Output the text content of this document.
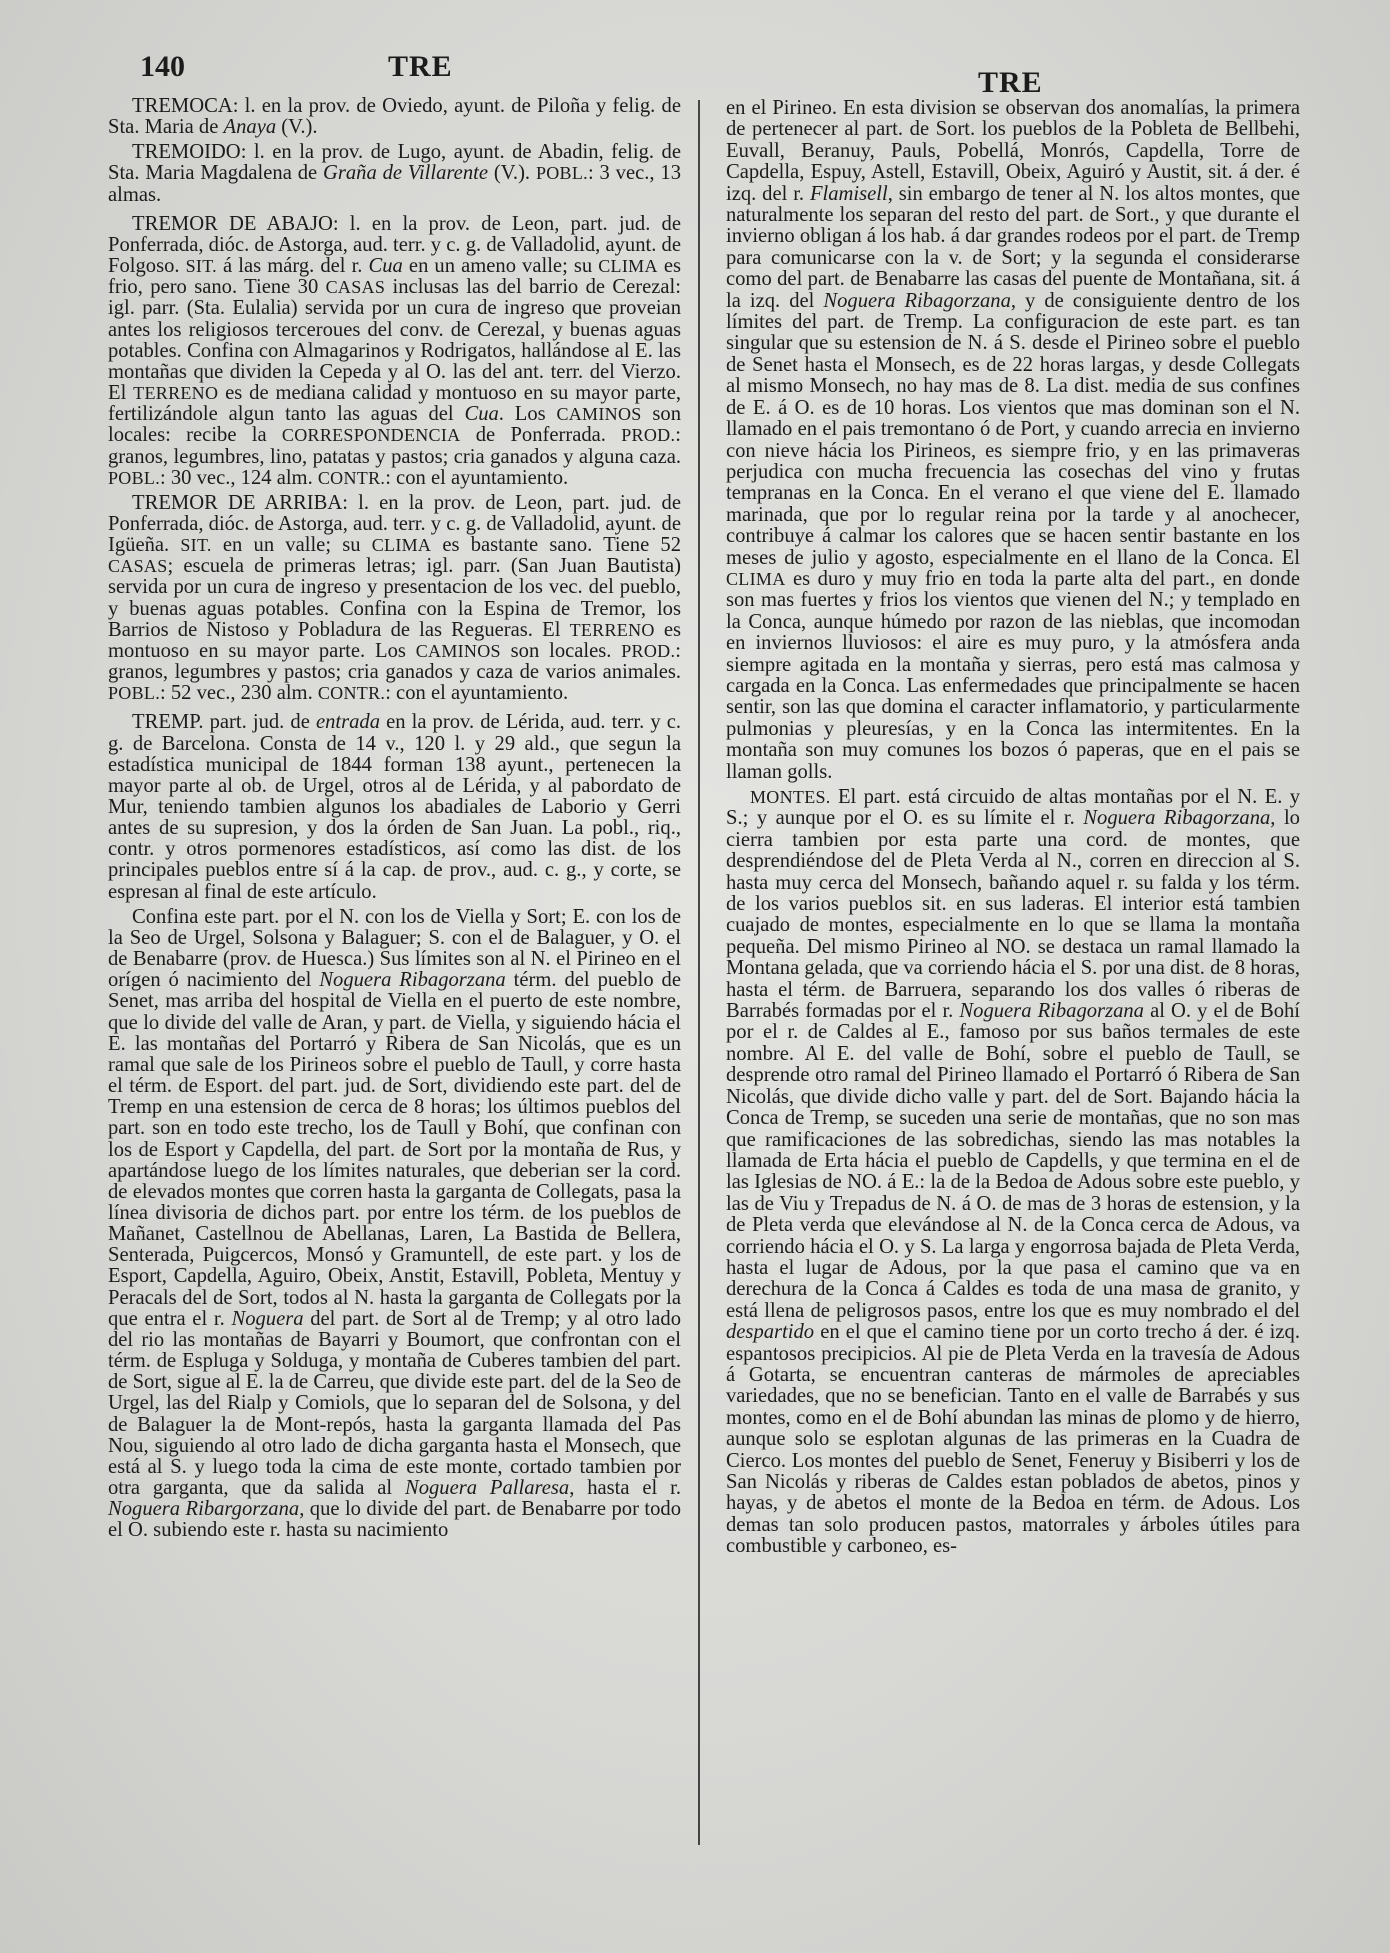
140	TRE	TRE

TREMOCA: l. en la prov. de Oviedo, ayunt. de Piloña y felig. de Sta. Maria de Anaya (V.).

TREMOIDO: l. en la prov. de Lugo, ayunt. de Abadin, felig. de Sta. Maria Magdalena de Graña de Villarente (V.). POBL.: 3 vec., 13 almas.

TREMOR DE ABAJO: l. en la prov. de Leon, part. jud. de Ponferrada, dióc. de Astorga, aud. terr. y c. g. de Valladolid, ayunt. de Folgoso. SIT. á las márg. del r. Cua en un ameno valle; su CLIMA es frio, pero sano. Tiene 30 CASAS inclusas las del barrio de Cerezal: igl. parr. (Sta. Eulalia) servida por un cura de ingreso que proveian antes los religiosos terceroues del conv. de Cerezal, y buenas aguas potables. Confina con Almagarinos y Rodrigatos, hallándose al E. las montañas que dividen la Cepeda y al O. las del ant. terr. del Vierzo. El TERRENO es de mediana calidad y montuoso en su mayor parte, fertilizándole algun tanto las aguas del Cua. Los CAMINOS son locales: recibe la CORRESPONDENCIA de Ponferrada. PROD.: granos, legumbres, lino, patatas y pastos; cria ganados y alguna caza. POBL.: 30 vec., 124 alm. CONTR.: con el ayuntamiento.

TREMOR DE ARRIBA: l. en la prov. de Leon, part. jud. de Ponferrada, dióc. de Astorga, aud. terr. y c. g. de Valladolid, ayunt. de Igüeña. SIT. en un valle; su CLIMA es bastante sano. Tiene 52 CASAS; escuela de primeras letras; igl. parr. (San Juan Bautista) servida por un cura de ingreso y presentacion de los vec. del pueblo, y buenas aguas potables. Confina con la Espina de Tremor, los Barrios de Nistoso y Pobladura de las Regueras. El TERRENO es montuoso en su mayor parte. Los CAMINOS son locales. PROD.: granos, legumbres y pastos; cria ganados y caza de varios animales. POBL.: 52 vec., 230 alm. CONTR.: con el ayuntamiento.

TREMP. part. jud. de entrada en la prov. de Lérida, aud. terr. y c. g. de Barcelona. Consta de 14 v., 120 l. y 29 ald., que segun la estadística municipal de 1844 forman 138 ayunt., pertenecen la mayor parte al ob. de Urgel, otros al de Lérida, y al pabordato de Mur, teniendo tambien algunos los abadiales de Laborio y Gerri antes de su supresion, y dos la órden de San Juan. La pobl., riq., contr. y otros pormenores estadísticos, así como las dist. de los principales pueblos entre sí á la cap. de prov., aud. c. g., y corte, se espresan al final de este artículo.

Confina este part. por el N. con los de Viella y Sort; E. con los de la Seo de Urgel, Solsona y Balaguer; S. con el de Balaguer, y O. el de Benabarre (prov. de Huesca.) Sus límites son al N. el Pirineo en el orígen ó nacimiento del Noguera Ribagorzana térm. del pueblo de Senet, mas arriba del hospital de Viella en el puerto de este nombre, que lo divide del valle de Aran, y part. de Viella, y siguiendo hácia el E. las montañas del Portarró y Ribera de San Nicolás, que es un ramal que sale de los Pirineos sobre el pueblo de Taull, y corre hasta el térm. de Esport. del part. jud. de Sort, dividiendo este part. del de Tremp en una estension de cerca de 8 horas; los últimos pueblos del part. son en todo este trecho, los de Taull y Bohí, que confinan con los de Esport y Capdella, del part. de Sort por la montaña de Rus, y apartándose luego de los límites naturales, que deberian ser la cord. de elevados montes que corren hasta la garganta de Collegats, pasa la línea divisoria de dichos part. por entre los térm. de los pueblos de Mañanet, Castellnou de Abellanas, Laren, La Bastida de Bellera, Senterada, Puigcercos, Monsó y Gramuntell, de este part. y los de Esport, Capdella, Aguiro, Obeix, Anstit, Estavill, Pobleta, Mentuy y Peracals del de Sort, todos al N. hasta la garganta de Collegats por la que entra el r. Noguera del part. de Sort al de Tremp; y al otro lado del rio las montañas de Bayarri y Boumort, que confrontan con el térm. de Espluga y Solduga, y montaña de Cuberes tambien del part. de Sort, sigue al E. la de Carreu, que divide este part. del de la Seo de Urgel, las del Rialp y Comiols, que lo separan del de Solsona, y del de Balaguer la de Mont-repós, hasta la garganta llamada del Pas Nou, siguiendo al otro lado de dicha garganta hasta el Monsech, que está al S. y luego toda la cima de este monte, cortado tambien por otra garganta, que da salida al Noguera Pallaresa, hasta el r. Noguera Ribargorzana, que lo divide del part. de Benabarre por todo el O. subiendo este r. hasta su nacimiento

en el Pirineo. En esta division se observan dos anomalías, la primera de pertenecer al part. de Sort. los pueblos de la Pobleta de Bellbehi, Euvall, Beranuy, Pauls, Pobellá, Monrós, Capdella, Torre de Capdella, Espuy, Astell, Estavill, Obeix, Aguiró y Austit, sit. á der. é izq. del r. Flamisell, sin embargo de tener al N. los altos montes, que naturalmente los separan del resto del part. de Sort., y que durante el invierno obligan á los hab. á dar grandes rodeos por el part. de Tremp para comunicarse con la v. de Sort; y la segunda el considerarse como del part. de Benabarre las casas del puente de Montañana, sit. á la izq. del Noguera Ribagorzana, y de consiguiente dentro de los límites del part. de Tremp. La configuracion de este part. es tan singular que su estension de N. á S. desde el Pirineo sobre el pueblo de Senet hasta el Monsech, es de 22 horas largas, y desde Collegats al mismo Monsech, no hay mas de 8. La dist. media de sus confines de E. á O. es de 10 horas. Los vientos que mas dominan son el N. llamado en el pais tremontano ó de Port, y cuando arrecia en invierno con nieve hácia los Pirineos, es siempre frio, y en las primaveras perjudica con mucha frecuencia las cosechas del vino y frutas tempranas en la Conca. En el verano el que viene del E. llamado marinada, que por lo regular reina por la tarde y al anochecer, contribuye á calmar los calores que se hacen sentir bastante en los meses de julio y agosto, especialmente en el llano de la Conca. El CLIMA es duro y muy frio en toda la parte alta del part., en donde son mas fuertes y frios los vientos que vienen del N.; y templado en la Conca, aunque húmedo por razon de las nieblas, que incomodan en inviernos lluviosos: el aire es muy puro, y la atmósfera anda siempre agitada en la montaña y sierras, pero está mas calmosa y cargada en la Conca. Las enfermedades que principalmente se hacen sentir, son las que domina el caracter inflamatorio, y particularmente pulmonias y pleuresías, y en la Conca las intermitentes. En la montaña son muy comunes los bozos ó paperas, que en el pais se llaman golls.

MONTES. El part. está circuido de altas montañas por el N. E. y S.; y aunque por el O. es su límite el r. Noguera Ribagorzana, lo cierra tambien por esta parte una cord. de montes, que desprendiéndose del de Pleta Verda al N., corren en direccion al S. hasta muy cerca del Monsech, bañando aquel r. su falda y los térm. de los varios pueblos sit. en sus laderas. El interior está tambien cuajado de montes, especialmente en lo que se llama la montaña pequeña. Del mismo Pirineo al NO. se destaca un ramal llamado la Montana gelada, que va corriendo hácia el S. por una dist. de 8 horas, hasta el térm. de Barruera, separando los dos valles ó riberas de Barrabés formadas por el r. Noguera Ribagorzana al O. y el de Bohí por el r. de Caldes al E., famoso por sus baños termales de este nombre. Al E. del valle de Bohí, sobre el pueblo de Taull, se desprende otro ramal del Pirineo llamado el Portarró ó Ribera de San Nicolás, que divide dicho valle y part. del de Sort. Bajando hácia la Conca de Tremp, se suceden una serie de montañas, que no son mas que ramificaciones de las sobredichas, siendo las mas notables la llamada de Erta hácia el pueblo de Capdells, y que termina en el de las Iglesias de NO. á E.: la de la Bedoa de Adous sobre este pueblo, y las de Viu y Trepadus de N. á O. de mas de 3 horas de estension, y la de Pleta verda que elevándose al N. de la Conca cerca de Adous, va corriendo hácia el O. y S. La larga y engorrosa bajada de Pleta Verda, hasta el lugar de Adous, por la que pasa el camino que va en derechura de la Conca á Caldes es toda de una masa de granito, y está llena de peligrosos pasos, entre los que es muy nombrado el del despartido en el que el camino tiene por un corto trecho á der. é izq. espantosos precipicios. Al pie de Pleta Verda en la travesía de Adous á Gotarta, se encuentran canteras de mármoles de apreciables variedades, que no se benefician. Tanto en el valle de Barrabés y sus montes, como en el de Bohí abundan las minas de plomo y de hierro, aunque solo se esplotan algunas de las primeras en la Cuadra de Cierco. Los montes del pueblo de Senet, Feneruy y Bisiberri y los de San Nicolás y riberas de Caldes estan poblados de abetos, pinos y hayas, y de abetos el monte de la Bedoa en térm. de Adous. Los demas tan solo producen pastos, matorrales y árboles útiles para combustible y carboneo, es-
